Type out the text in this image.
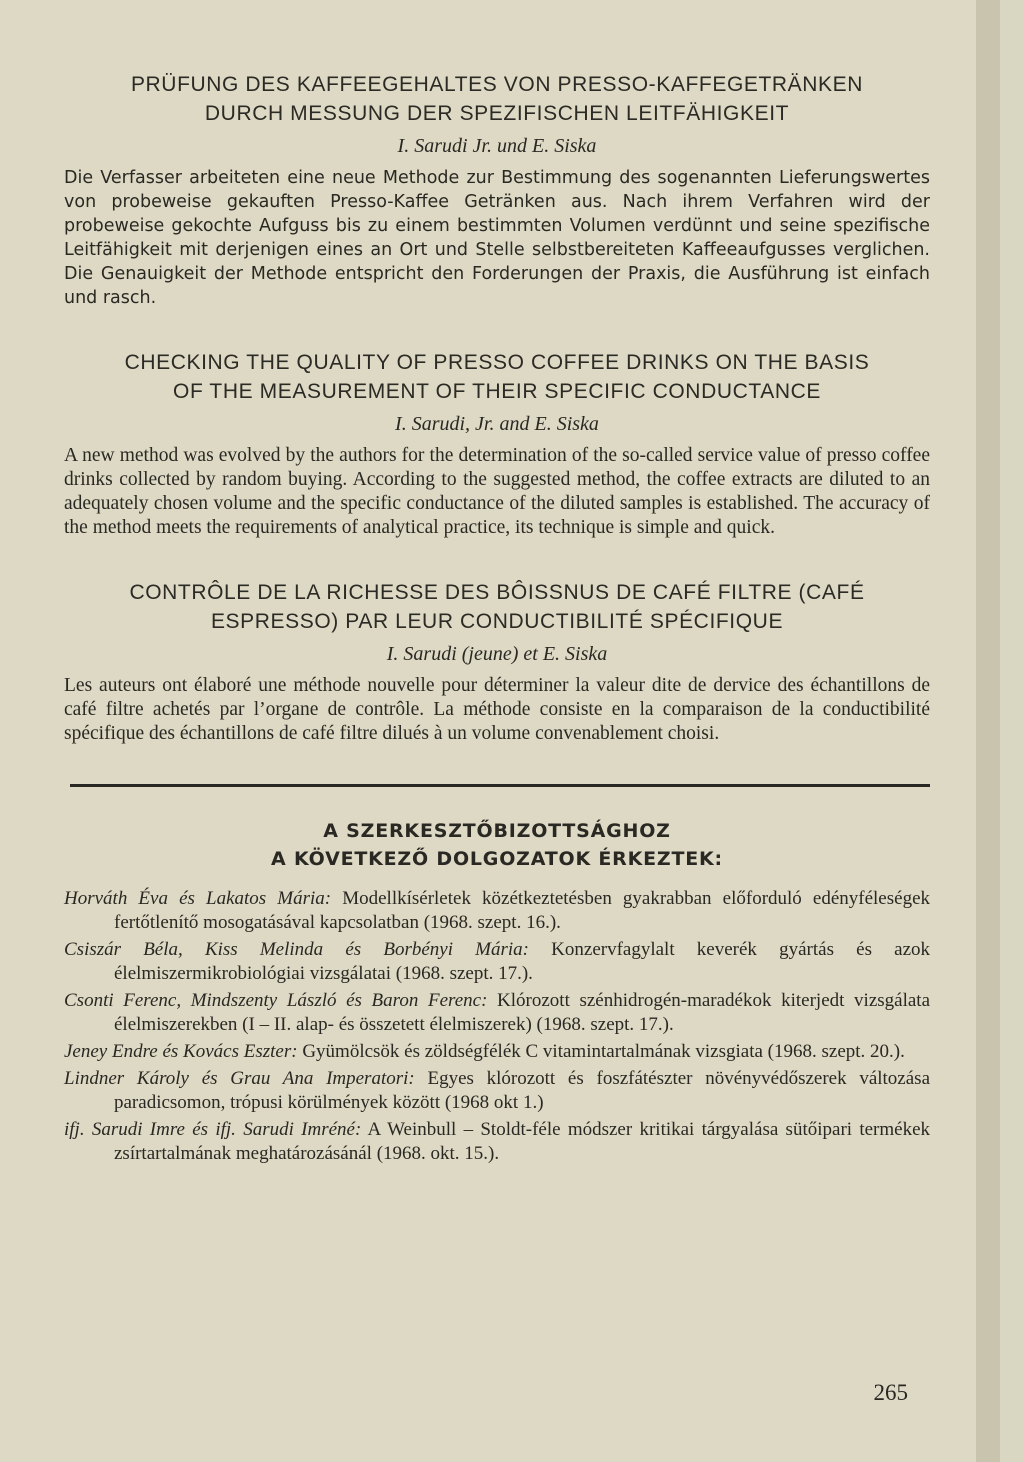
PRÜFUNG DES KAFFEEGEHALTES VON PRESSO-KAFFEGETRÄNKEN
DURCH MESSUNG DER SPEZIFISCHEN LEITFÄHIGKEIT

I. Sarudi Jr. und E. Siska

Die Verfasser arbeiteten eine neue Methode zur Bestimmung des sogenannten Lieferungswertes von probeweise gekauften Presso-Kaffee Getränken aus. Nach ihrem Verfahren wird der probeweise gekochte Aufguss bis zu einem bestimmten Volumen verdünnt und seine spezifische Leitfähigkeit mit derjenigen eines an Ort und Stelle selbstbereiteten Kaffeeaufgusses verglichen. Die Genauigkeit der Methode entspricht den Forderungen der Praxis, die Ausführung ist einfach und rasch.

CHECKING THE QUALITY OF PRESSO COFFEE DRINKS ON THE BASIS
OF THE MEASUREMENT OF THEIR SPECIFIC CONDUCTANCE

I. Sarudi, Jr. and E. Siska

A new method was evolved by the authors for the determination of the so-called service value of presso coffee drinks collected by random buying. According to the suggested method, the coffee extracts are diluted to an adequately chosen volume and the specific conductance of the diluted samples is established. The accuracy of the method meets the requirements of analytical practice, its technique is simple and quick.

CONTRÔLE DE LA RICHESSE DES BÔISSNUS DE CAFÉ FILTRE (CAFÉ
ESPRESSO) PAR LEUR CONDUCTIBILITÉ SPÉCIFIQUE

I. Sarudi (jeune) et E. Siska

Les auteurs ont élaboré une méthode nouvelle pour déterminer la valeur dite de dervice des échantillons de café filtre achetés par l’organe de contrôle. La méthode consiste en la comparaison de la conductibilité spécifique des échantillons de café filtre dilués à un volume convenablement choisi.

A SZERKESZTŐBIZOTTSÁGHOZ
A KÖVETKEZŐ DOLGOZATOK ÉRKEZTEK:

Horváth Éva és Lakatos Mária: Modellkísérletek közétkeztetésben gyakrabban előforduló edényféleségek fertőtlenítő mosogatásával kapcsolatban (1968. szept. 16.).
Csiszár Béla, Kiss Melinda és Borbényi Mária: Konzervfagylalt keverék gyártás és azok élelmiszermikrobiológiai vizsgálatai (1968. szept. 17.).
Csonti Ferenc, Mindszenty László és Baron Ferenc: Klórozott szénhidrogén-maradékok kiterjedt vizsgálata élelmiszerekben (I – II. alap- és összetett élelmiszerek) (1968. szept. 17.).
Jeney Endre és Kovács Eszter: Gyümölcsök és zöldségfélék C vitamintartalmának vizsgiata (1968. szept. 20.).
Lindner Károly és Grau Ana Imperatori: Egyes klórozott és foszfátészter növényvédőszerek változása paradicsomon, trópusi körülmények között (1968 okt 1.)
ifj. Sarudi Imre és ifj. Sarudi Imréné: A Weinbull – Stoldt-féle módszer kritikai tárgyalása sütőipari termékek zsírtartalmának meghatározásánál (1968. okt. 15.).
265
